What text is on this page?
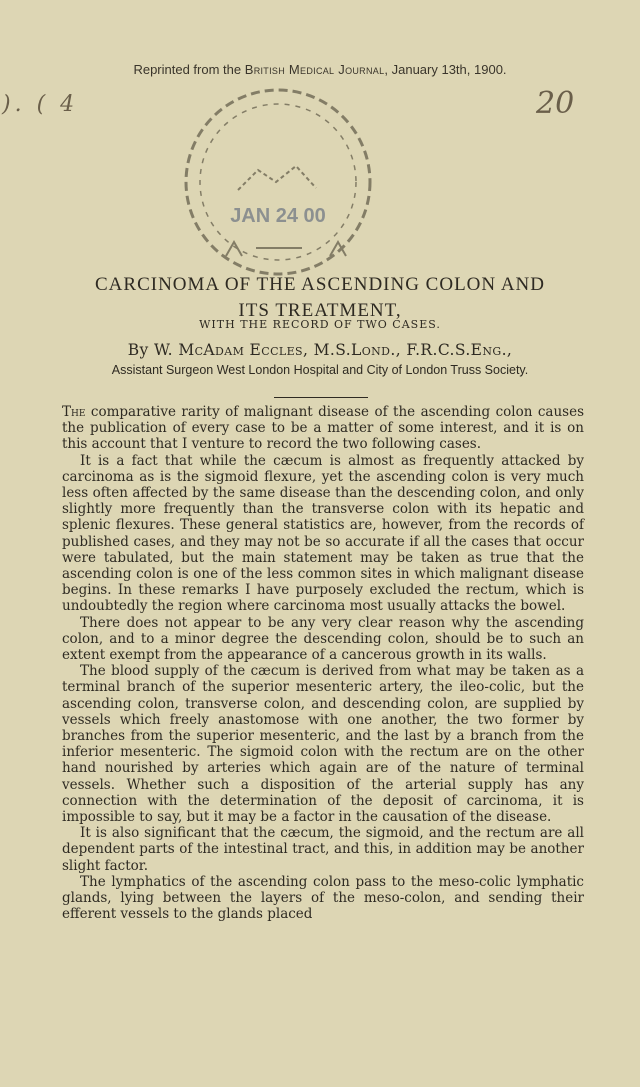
Reprinted from the British Medical Journal, January 13th, 1900.
). ( 4	20
JAN 24 00
CARCINOMA OF THE ASCENDING COLON AND
ITS TREATMENT,
WITH THE RECORD OF TWO CASES.
By W. McAdam Eccles, M.S.Lond., F.R.C.S.Eng.,
Assistant Surgeon West London Hospital and City of London Truss Society.

The comparative rarity of malignant disease of the ascending colon causes the publication of every case to be a matter of some interest, and it is on this account that I venture to record the two following cases.

It is a fact that while the cæcum is almost as frequently attacked by carcinoma as is the sigmoid flexure, yet the ascending colon is very much less often affected by the same disease than the descending colon, and only slightly more frequently than the transverse colon with its hepatic and splenic flexures. These general statistics are, however, from the records of published cases, and they may not be so accurate if all the cases that occur were tabulated, but the main statement may be taken as true that the ascending colon is one of the less common sites in which malignant disease begins. In these remarks I have purposely excluded the rectum, which is undoubtedly the region where carcinoma most usually attacks the bowel.

There does not appear to be any very clear reason why the ascending colon, and to a minor degree the descending colon, should be to such an extent exempt from the appearance of a cancerous growth in its walls.

The blood supply of the cæcum is derived from what may be taken as a terminal branch of the superior mesenteric artery, the ileo-colic, but the ascending colon, transverse colon, and descending colon, are supplied by vessels which freely anastomose with one another, the two former by branches from the superior mesenteric, and the last by a branch from the inferior mesenteric. The sigmoid colon with the rectum are on the other hand nourished by arteries which again are of the nature of terminal vessels. Whether such a disposition of the arterial supply has any connection with the determination of the deposit of carcinoma, it is impossible to say, but it may be a factor in the causation of the disease.

It is also significant that the cæcum, the sigmoid, and the rectum are all dependent parts of the intestinal tract, and this, in addition may be another slight factor.

The lymphatics of the ascending colon pass to the meso-colic lymphatic glands, lying between the layers of the meso-colon, and sending their efferent vessels to the glands placed
